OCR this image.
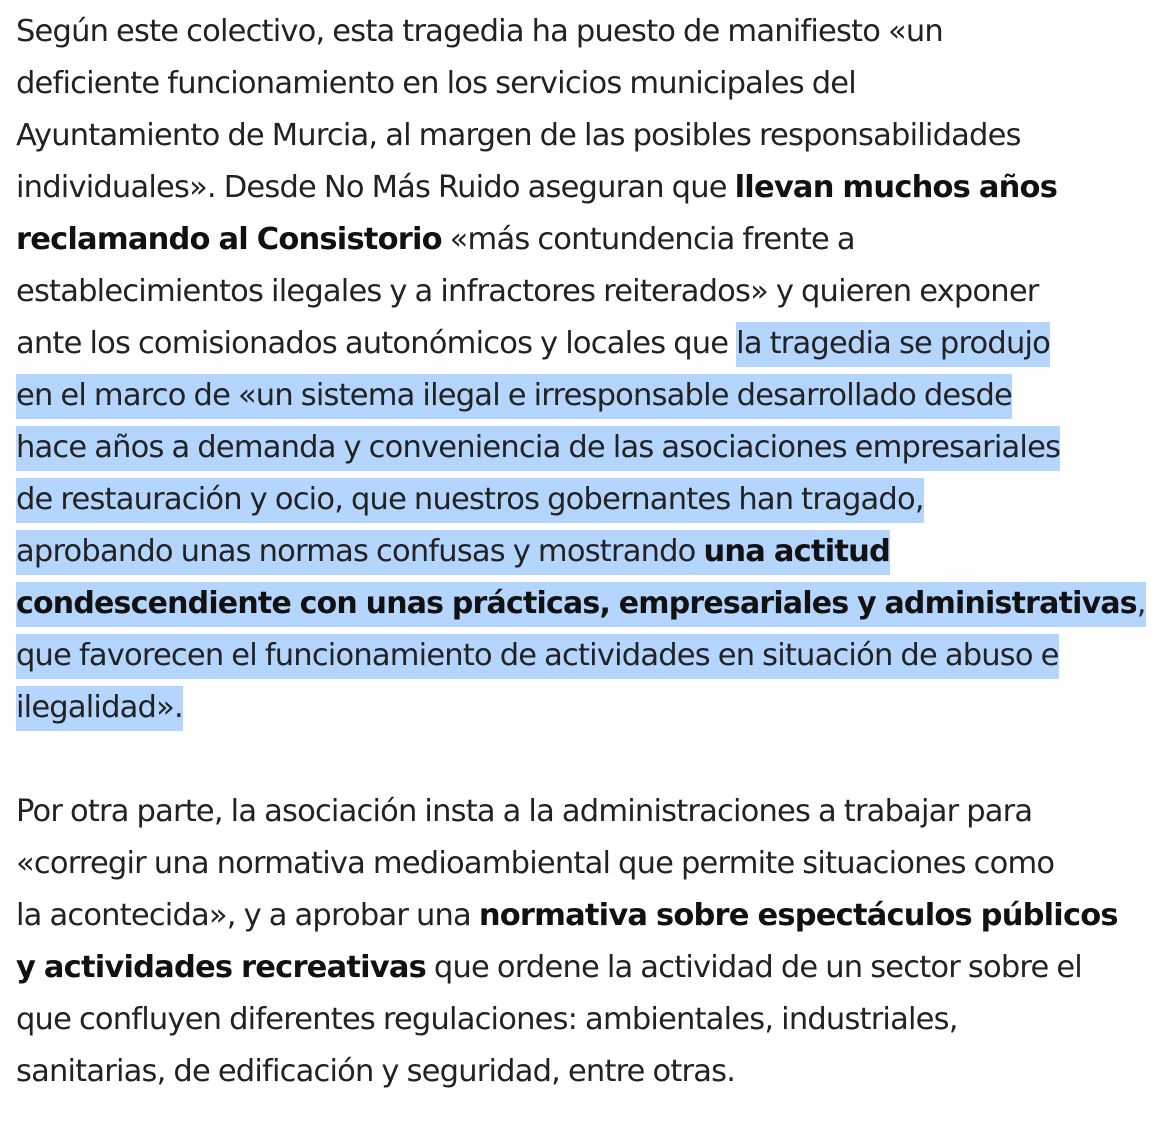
Según este colectivo, esta tragedia ha puesto de manifiesto «un
deficiente funcionamiento en los servicios municipales del
Ayuntamiento de Murcia, al margen de las posibles responsabilidades
individuales». Desde No Más Ruido aseguran que llevan muchos años
reclamando al Consistorio «más contundencia frente a
establecimientos ilegales y a infractores reiterados» y quieren exponer
ante los comisionados autonómicos y locales que la tragedia se produjo
en el marco de «un sistema ilegal e irresponsable desarrollado desde
hace años a demanda y conveniencia de las asociaciones empresariales
de restauración y ocio, que nuestros gobernantes han tragado,
aprobando unas normas confusas y mostrando una actitud
condescendiente con unas prácticas, empresariales y administrativas,
que favorecen el funcionamiento de actividades en situación de abuso e
ilegalidad».

Por otra parte, la asociación insta a la administraciones a trabajar para
«corregir una normativa medioambiental que permite situaciones como
la acontecida», y a aprobar una normativa sobre espectáculos públicos
y actividades recreativas que ordene la actividad de un sector sobre el
que confluyen diferentes regulaciones: ambientales, industriales,
sanitarias, de edificación y seguridad, entre otras.
